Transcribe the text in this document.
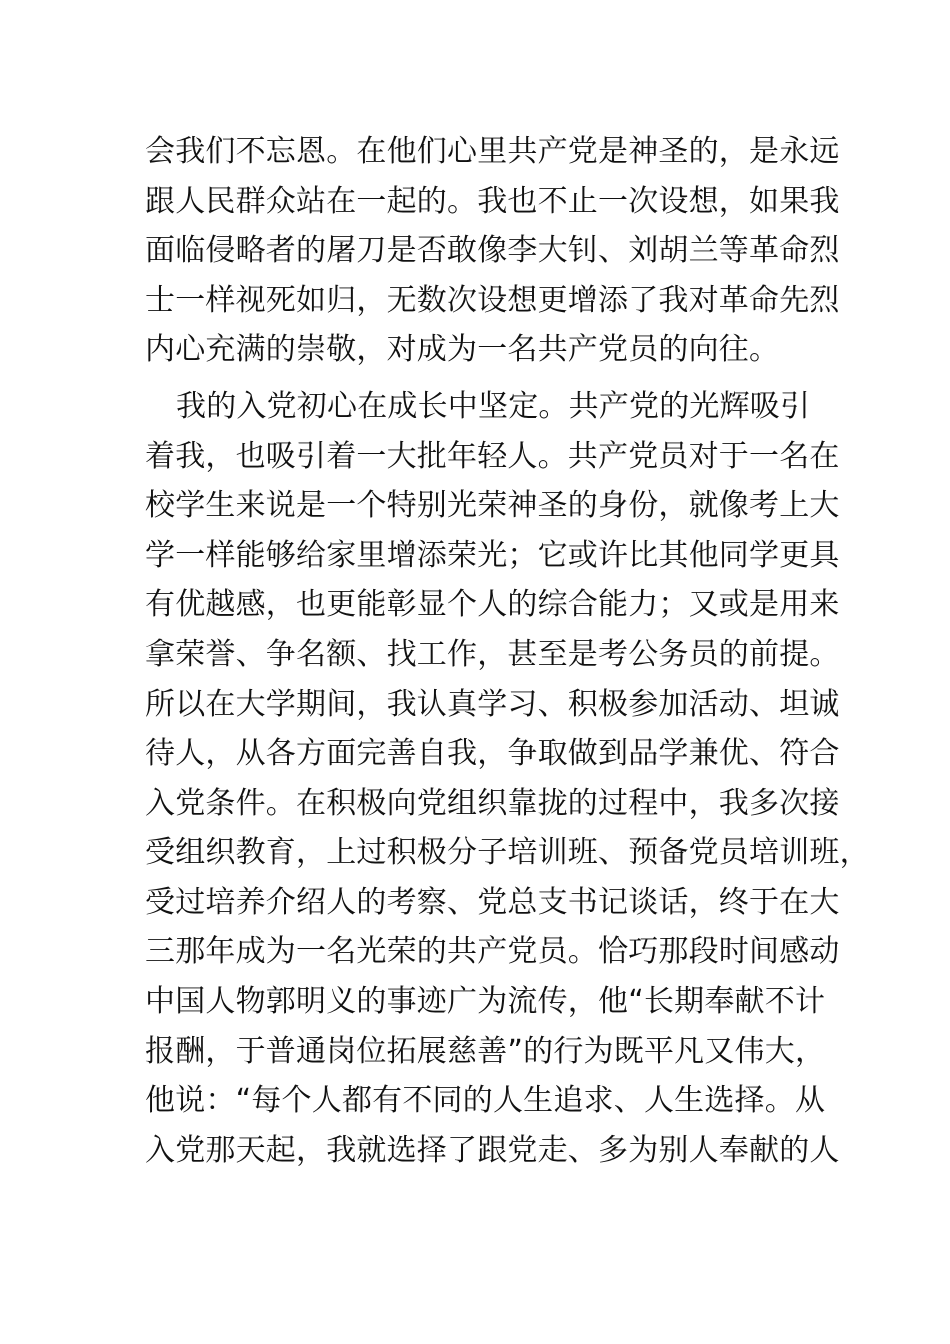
会我们不忘恩。在他们心里共产党是神圣的，是永远
跟人民群众站在一起的。我也不止一次设想，如果我
面临侵略者的屠刀是否敢像李大钊、刘胡兰等革命烈
士一样视死如归，无数次设想更增添了我对革命先烈
内心充满的崇敬，对成为一名共产党员的向往。
我的入党初心在成长中坚定。共产党的光辉吸引
着我，也吸引着一大批年轻人。共产党员对于一名在
校学生来说是一个特别光荣神圣的身份，就像考上大
学一样能够给家里增添荣光；它或许比其他同学更具
有优越感，也更能彰显个人的综合能力；又或是用来
拿荣誉、争名额、找工作，甚至是考公务员的前提。
所以在大学期间，我认真学习、积极参加活动、坦诚
待人，从各方面完善自我，争取做到品学兼优、符合
入党条件。在积极向党组织靠拢的过程中，我多次接
受组织教育，上过积极分子培训班、预备党员培训班，
受过培养介绍人的考察、党总支书记谈话，终于在大
三那年成为一名光荣的共产党员。恰巧那段时间感动
中国人物郭明义的事迹广为流传，他“长期奉献不计
报酬，于普通岗位拓展慈善”的行为既平凡又伟大，
他说：“每个人都有不同的人生追求、人生选择。从
入党那天起，我就选择了跟党走、多为别人奉献的人
